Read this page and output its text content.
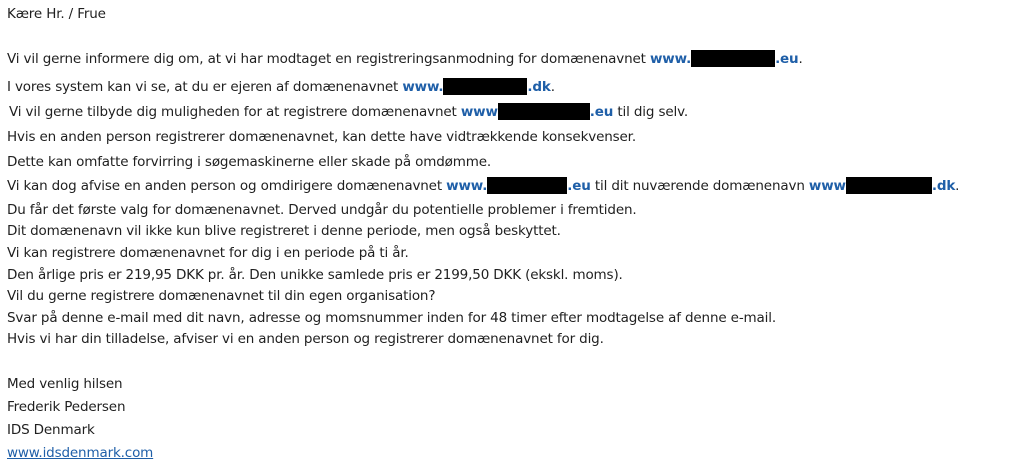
Kære Hr. / Frue
Vi vil gerne informere dig om, at vi har modtaget en registreringsanmodning for domænenavnet www.	.eu.
I vores system kan vi se, at du er ejeren af domænenavnet www.	.dk.
Vi vil gerne tilbyde dig muligheden for at registrere domænenavnet www	.eu til dig selv.
Hvis en anden person registrerer domænenavnet, kan dette have vidtrækkende konsekvenser.
Dette kan omfatte forvirring i søgemaskinerne eller skade på omdømme.
Vi kan dog afvise en anden person og omdirigere domænenavnet www.	.eu til dit nuværende domænenavn www	.dk.
Du får det første valg for domænenavnet. Derved undgår du potentielle problemer i fremtiden.
Dit domænenavn vil ikke kun blive registreret i denne periode, men også beskyttet.
Vi kan registrere domænenavnet for dig i en periode på ti år.
Den årlige pris er 219,95 DKK pr. år. Den unikke samlede pris er 2199,50 DKK (ekskl. moms).
Vil du gerne registrere domænenavnet til din egen organisation?
Svar på denne e-mail med dit navn, adresse og momsnummer inden for 48 timer efter modtagelse af denne e-mail.
Hvis vi har din tilladelse, afviser vi en anden person og registrerer domænenavnet for dig.
Med venlig hilsen
Frederik Pedersen
IDS Denmark
www.idsdenmark.com
